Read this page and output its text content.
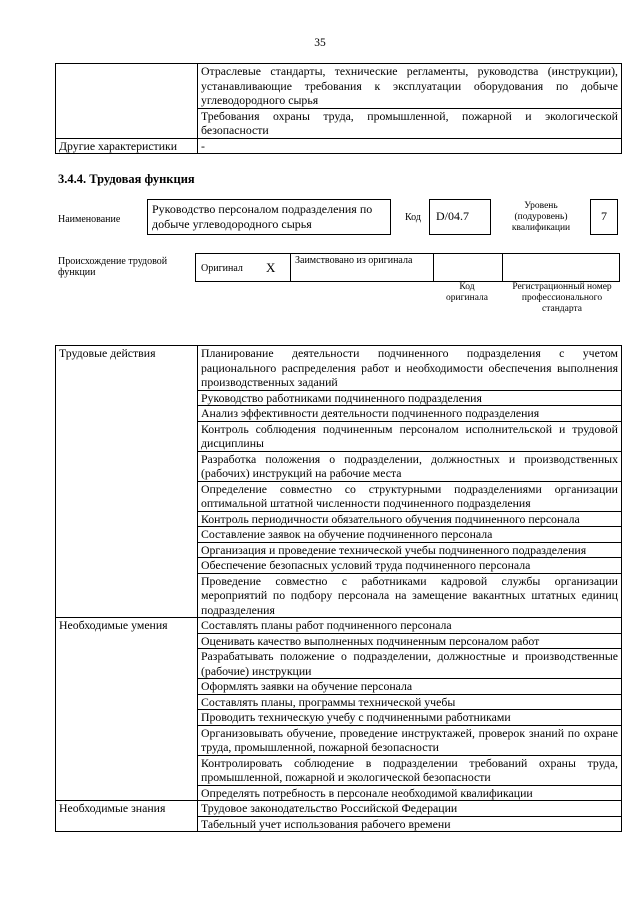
35
	Отраслевые стандарты, технические регламенты, руководства (инструкции), устанавливающие требования к эксплуатации оборудования по добыче углеводородного сырья
	Требования охраны труда, промышленной, пожарной и экологической безопасности
Другие характеристики	-
3.4.4. Трудовая функция
Наименование
Руководство персоналом подразделения по добыче углеводородного сырья	Код	D/04.7
Уровень (подуровень) квалификации
7
Происхождение трудовой функции	Оригинал X	Заимствовано из оригинала
Код оригинала
Регистрационный номер профессионального стандарта
Трудовые действия	Планирование деятельности подчиненного подразделения с учетом рационального распределения работ и необходимости обеспечения выполнения производственных заданий
	Руководство работниками подчиненного подразделения
	Анализ эффективности деятельности подчиненного подразделения
	Контроль соблюдения подчиненным персоналом исполнительской и трудовой дисциплины
	Разработка положения о подразделении, должностных и производственных (рабочих) инструкций на рабочие места
	Определение совместно со структурными подразделениями организации оптимальной штатной численности подчиненного подразделения
	Контроль периодичности обязательного обучения подчиненного персонала
	Составление заявок на обучение подчиненного персонала
	Организация и проведение технической учебы подчиненного подразделения
	Обеспечение безопасных условий труда подчиненного персонала
	Проведение совместно с работниками кадровой службы организации мероприятий по подбору персонала на замещение вакантных штатных единиц подразделения
Необходимые умения	Составлять планы работ подчиненного персонала
	Оценивать качество выполненных подчиненным персоналом работ
	Разрабатывать положение о подразделении, должностные и производственные (рабочие) инструкции
	Оформлять заявки на обучение персонала
	Составлять планы, программы технической учебы
	Проводить техническую учебу с подчиненными работниками
	Организовывать обучение, проведение инструктажей, проверок знаний по охране труда, промышленной, пожарной безопасности
	Контролировать соблюдение в подразделении требований охраны труда, промышленной, пожарной и экологической безопасности
	Определять потребность в персонале необходимой квалификации
Необходимые знания	Трудовое законодательство Российской Федерации
	Табельный учет использования рабочего времени
